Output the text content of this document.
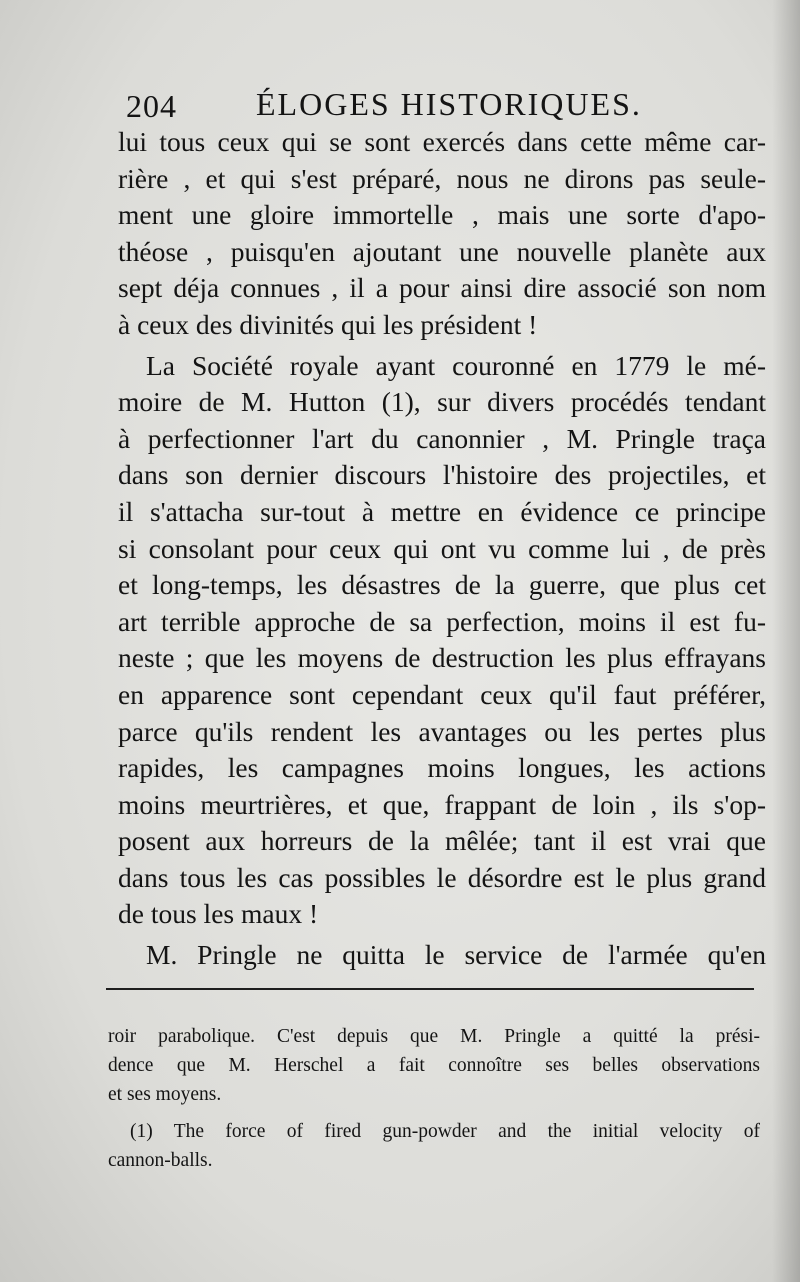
204 ÉLOGES HISTORIQUES.
lui tous ceux qui se sont exercés dans cette même car-
rière , et qui s'est préparé, nous ne dirons pas seule-
ment une gloire immortelle , mais une sorte d'apo-
théose , puisqu'en ajoutant une nouvelle planète aux
sept déja connues , il a pour ainsi dire associé son nom
à ceux des divinités qui les président !
La Société royale ayant couronné en 1779 le mé-
moire de M. Hutton (1), sur divers procédés tendant
à perfectionner l'art du canonnier , M. Pringle traça
dans son dernier discours l'histoire des projectiles, et
il s'attacha sur-tout à mettre en évidence ce principe
si consolant pour ceux qui ont vu comme lui , de près
et long-temps, les désastres de la guerre, que plus cet
art terrible approche de sa perfection, moins il est fu-
neste ; que les moyens de destruction les plus effrayans
en apparence sont cependant ceux qu'il faut préférer,
parce qu'ils rendent les avantages ou les pertes plus
rapides, les campagnes moins longues, les actions
moins meurtrières, et que, frappant de loin , ils s'op-
posent aux horreurs de la mêlée; tant il est vrai que
dans tous les cas possibles le désordre est le plus grand
de tous les maux !
M. Pringle ne quitta le service de l'armée qu'en
roir parabolique. C'est depuis que M. Pringle a quitté la prési-
dence que M. Herschel a fait connoître ses belles observations
et ses moyens.
(1) The force of fired gun-powder and the initial velocity of
cannon-balls.
